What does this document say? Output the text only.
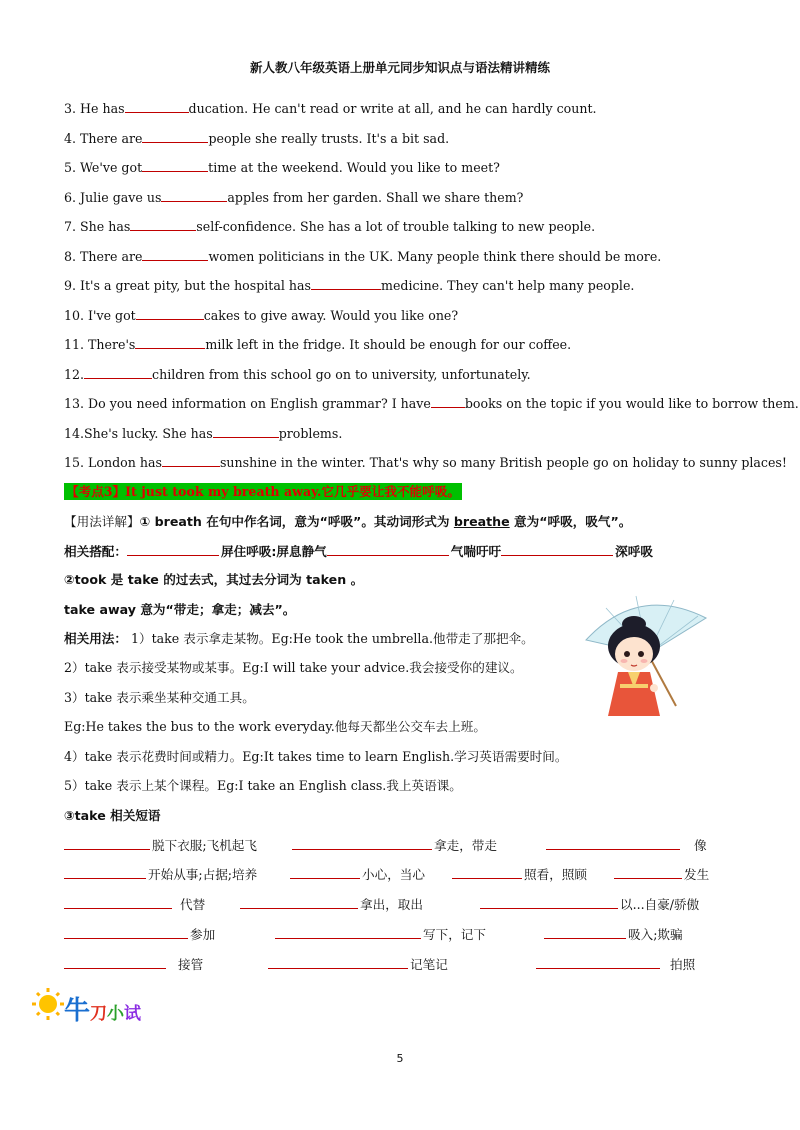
新人教八年级英语上册单元同步知识点与语法精讲精练
3. He has	ducation. He can't read or write at all, and he can hardly count.
4. There are	people she really trusts. It's a bit sad.
5. We've got	time at the weekend. Would you like to meet?
6. Julie gave us	apples from her garden. Shall we share them?
7. She has	self-confidence. She has a lot of trouble talking to new people.
8. There are	women politicians in the UK. Many people think there should be more.
9. It's a great pity, but the hospital has	medicine. They can't help many people.
10. I've got	cakes to give away. Would you like one?
11. There's	milk left in the fridge. It should be enough for our coffee.
12.	children from this school go on to university, unfortunately.
13. Do you need information on English grammar? I have	books on the topic if you would like to borrow them.
14.She's lucky. She has	problems.
15. London has	sunshine in the winter. That's why so many British people go on holiday to sunny places!
【考点3】It just took my breath away.它几乎要让我不能呼吸。
【用法详解】① breath 在句中作名词，意为“呼吸”。其动词形式为 breathe 意为“呼吸，吸气”。
相关搭配：	屏住呼吸:屏息静气	气喘吁吁	深呼吸
②took 是 take 的过去式，其过去分词为 taken 。
take away 意为“带走；拿走；减去”。
相关用法： 1）take 表示拿走某物。Eg:He took the umbrella.他带走了那把伞。
2）take 表示接受某物或某事。Eg:I will take your advice.我会接受你的建议。
3）take 表示乘坐某种交通工具。
Eg:He takes the bus to the work everyday.他每天都坐公交车去上班。
4）take 表示花费时间或精力。Eg:It takes time to learn English.学习英语需要时间。
5）take 表示上某个课程。Eg:I take an English class.我上英语课。
③take 相关短语
脱下衣服;飞机起飞	拿走，带走	像
开始从事;占据;培养	小心，当心	照看，照顾	发生
代替	拿出，取出	以...自豪/骄傲
参加	写下，记下	吸入;欺骗
接管	记笔记	拍照
牛刀小试
5
